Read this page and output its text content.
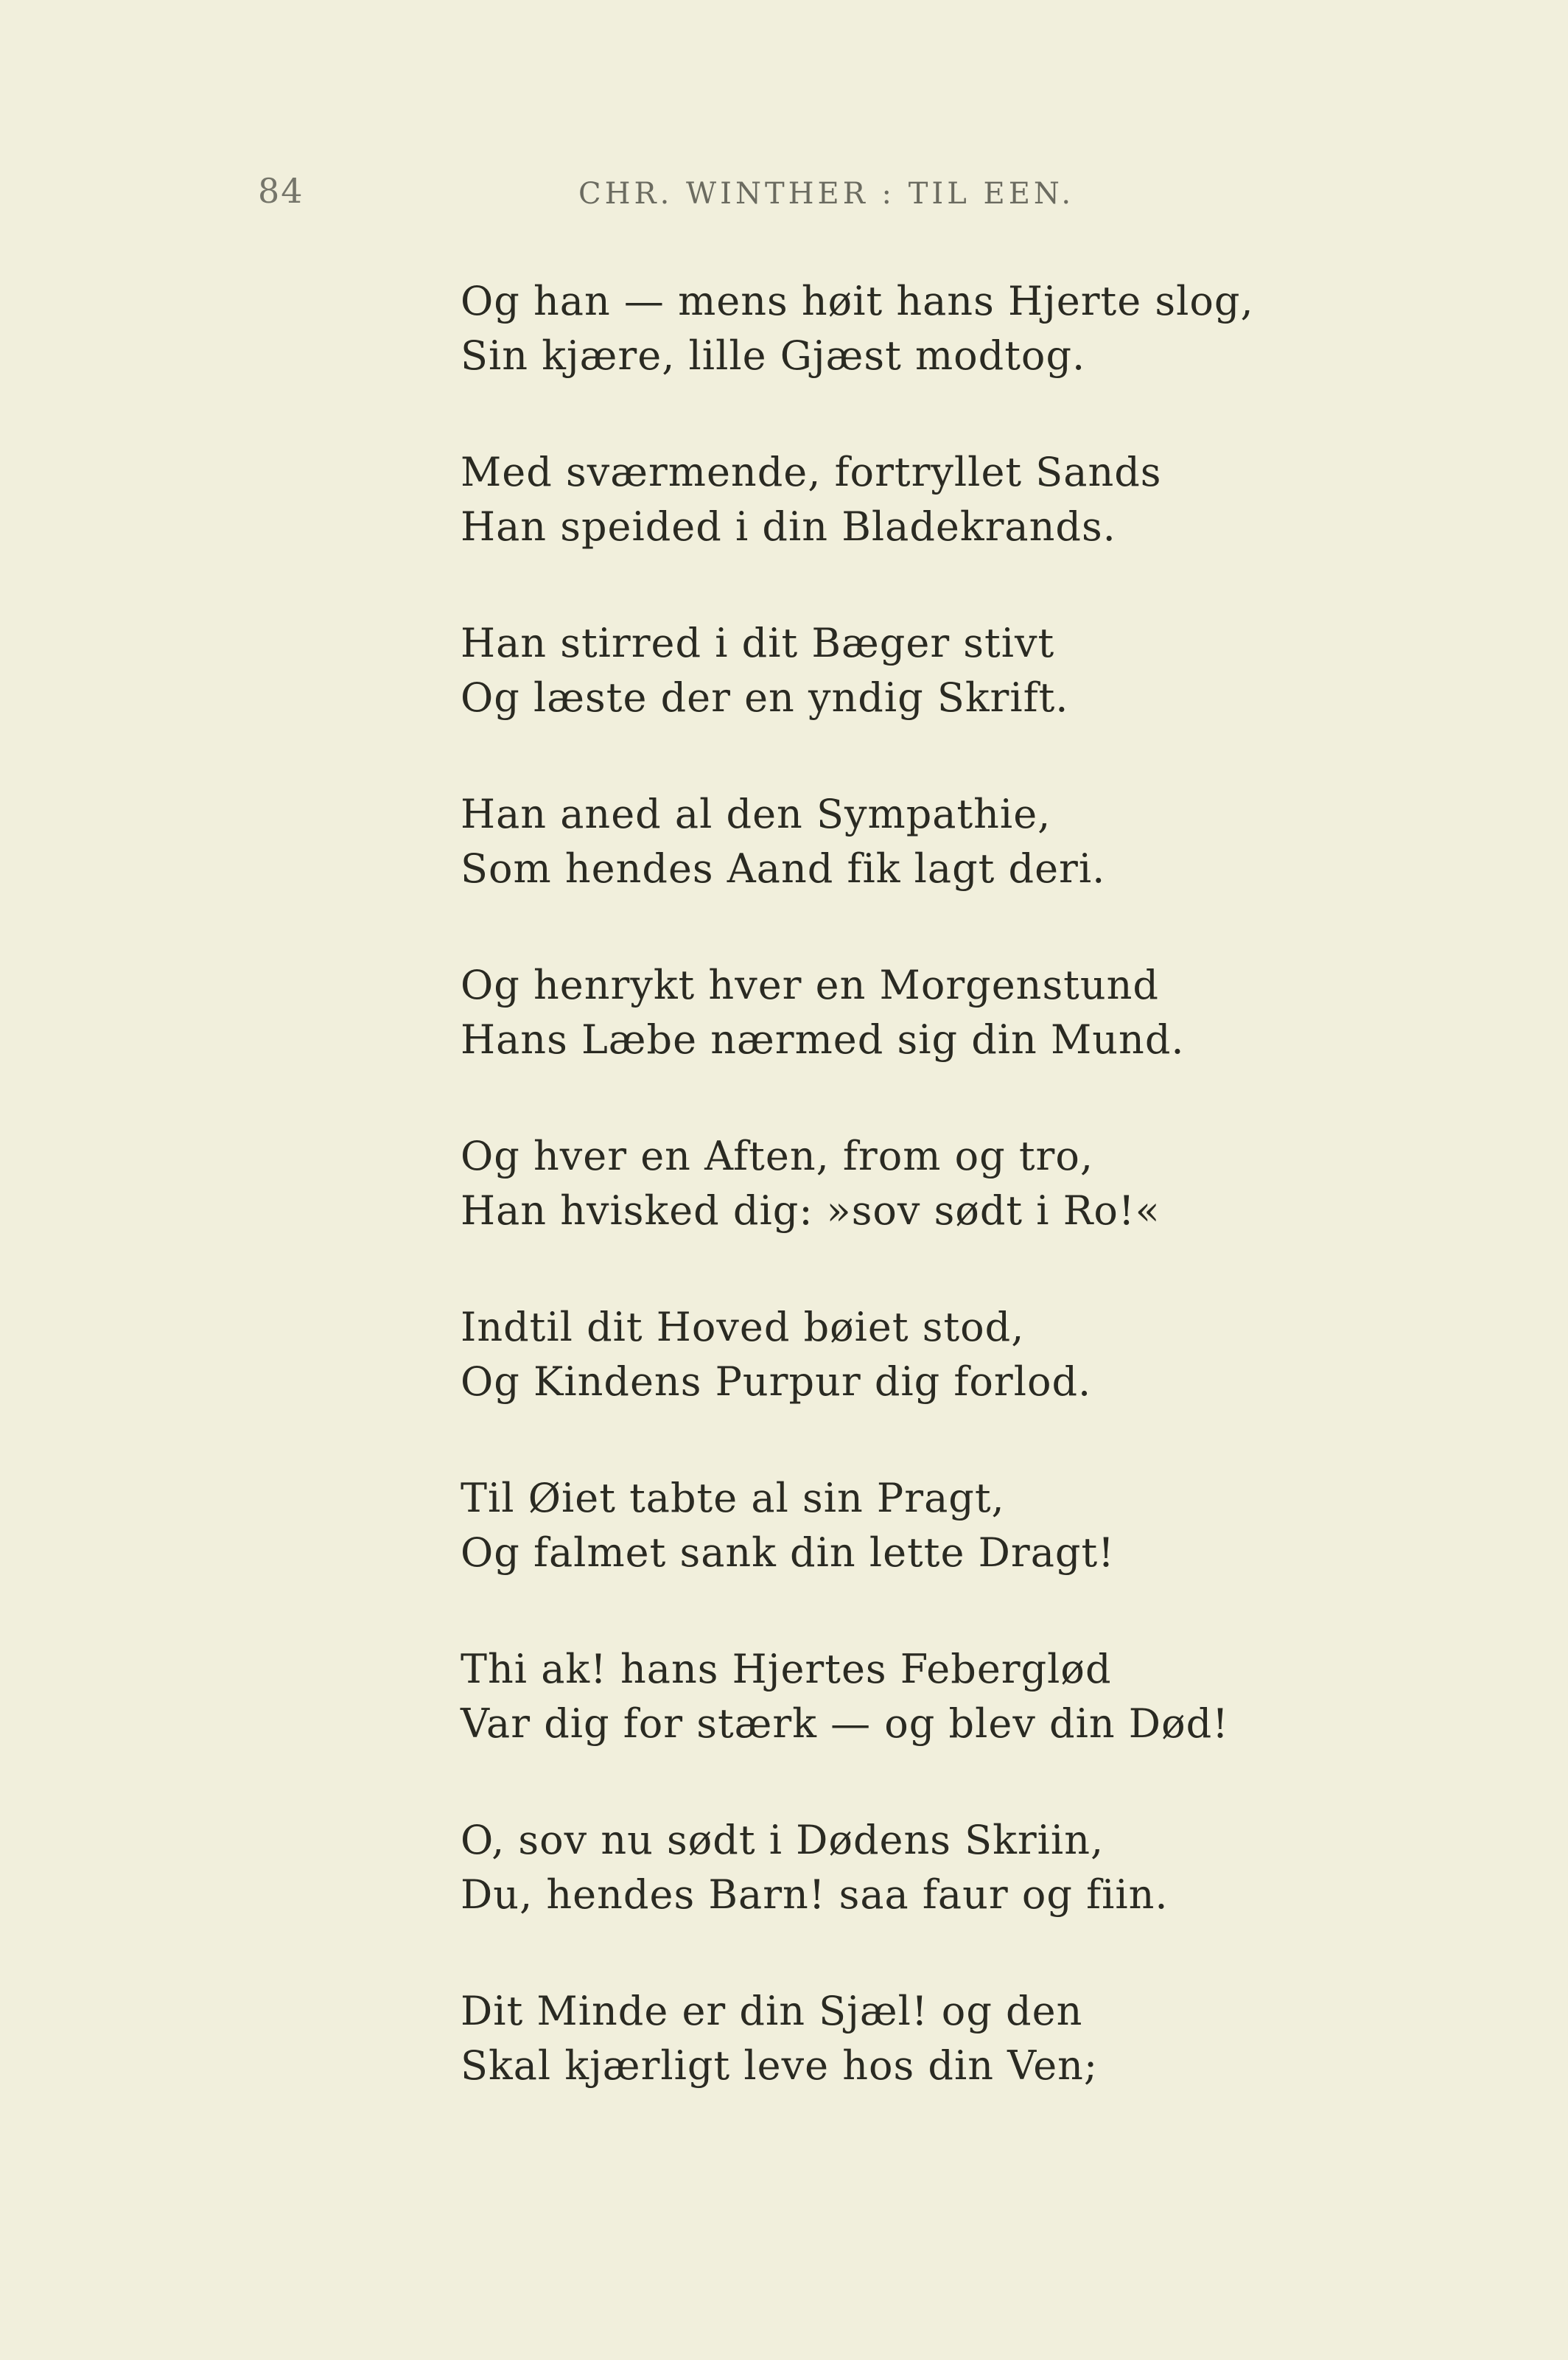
84	CHR. WINTHER : TIL EEN.
Og han — mens høit hans Hjerte slog,
Sin kjære, lille Gjæst modtog.
Med sværmende, fortryllet Sands
Han speided i din Bladekrands.
Han stirred i dit Bæger stivt
Og læste der en yndig Skrift.
Han aned al den Sympathie,
Som hendes Aand fik lagt deri.
Og henrykt hver en Morgenstund
Hans Læbe nærmed sig din Mund.
Og hver en Aften, from og tro,
Han hvisked dig: »sov sødt i Ro!«
Indtil dit Hoved bøiet stod,
Og Kindens Purpur dig forlod.
Til Øiet tabte al sin Pragt,
Og falmet sank din lette Dragt!
Thi ak! hans Hjertes Feberglød
Var dig for stærk — og blev din Død!
O, sov nu sødt i Dødens Skriin,
Du, hendes Barn! saa faur og fiin.
Dit Minde er din Sjæl! og den
Skal kjærligt leve hos din Ven;
